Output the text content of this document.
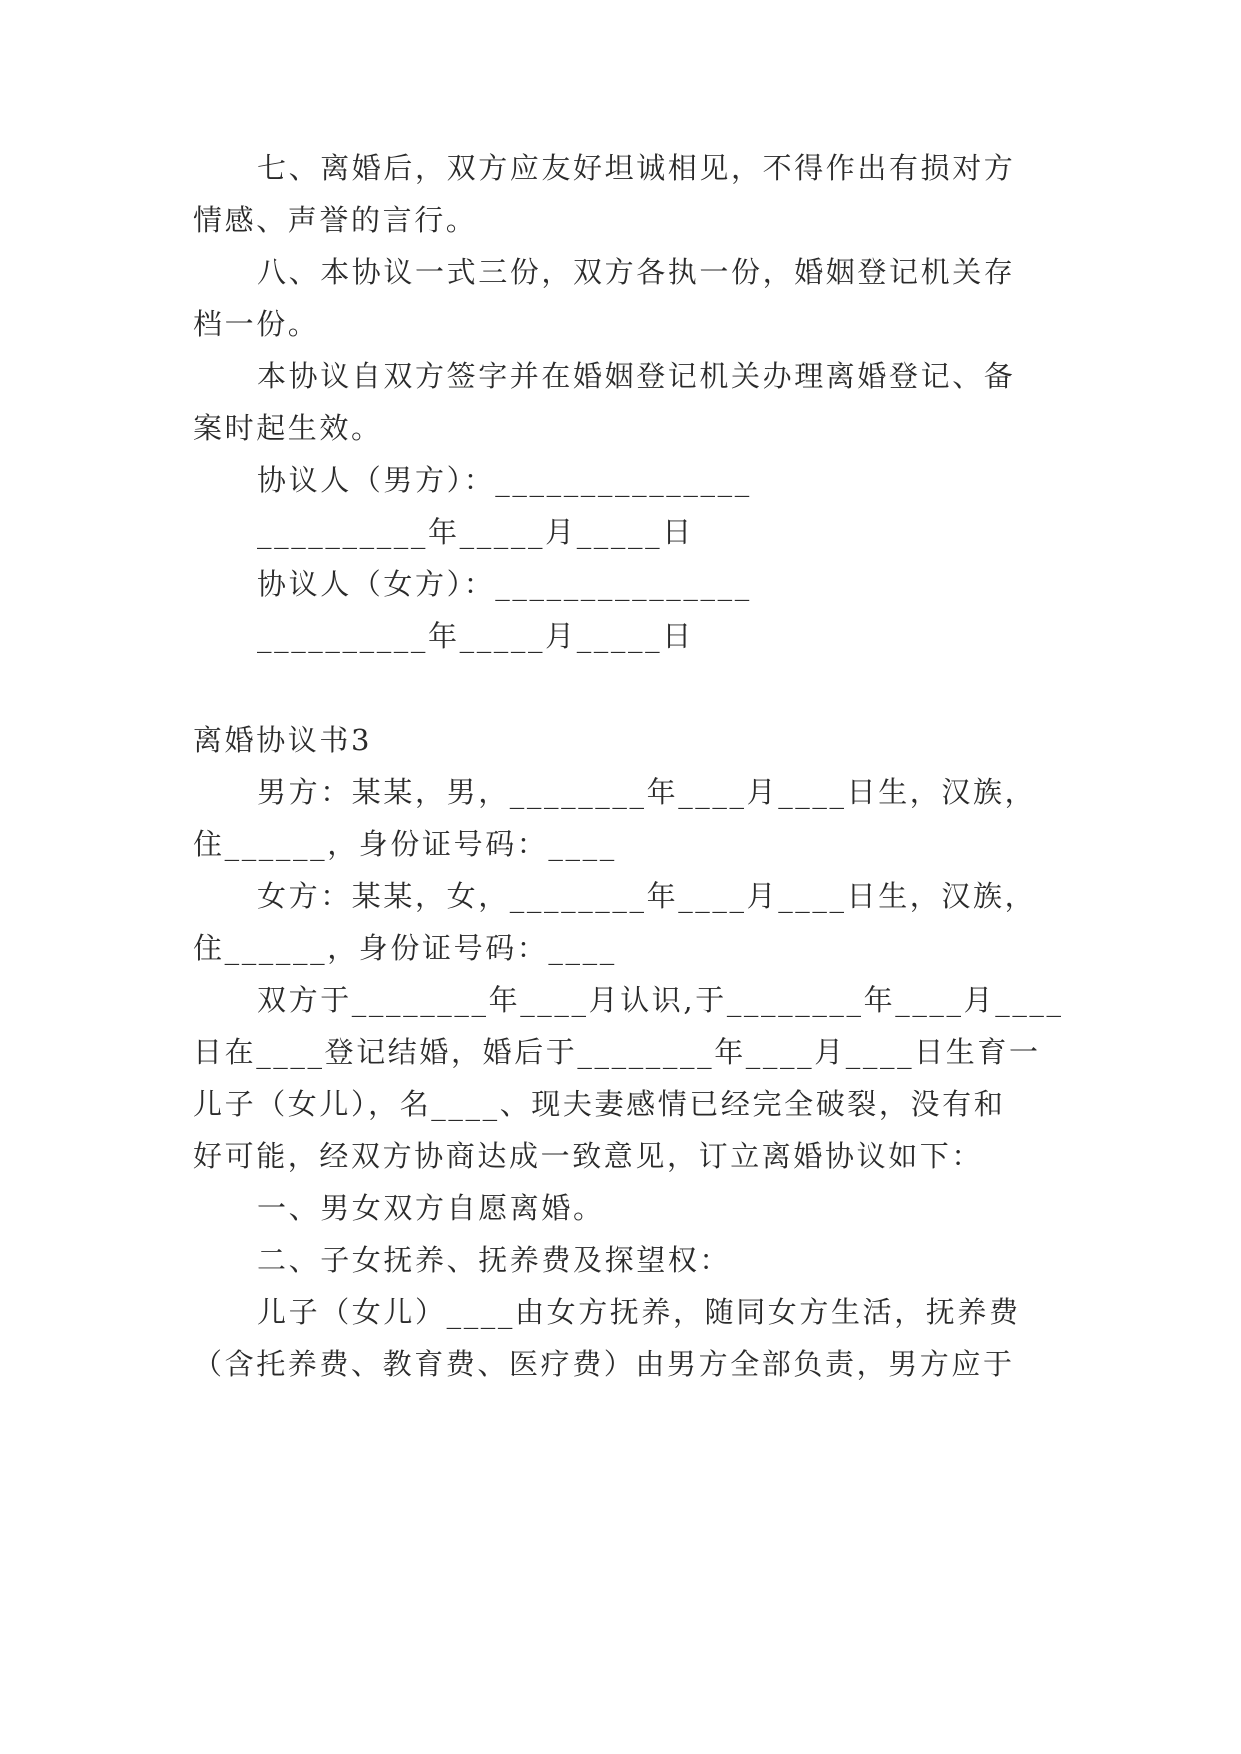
七、离婚后，双方应友好坦诚相见，不得作出有损对方
情感、声誉的言行。
八、本协议一式三份，双方各执一份，婚姻登记机关存
档一份。
本协议自双方签字并在婚姻登记机关办理离婚登记、备
案时起生效。
协议人（男方）：_______________
__________年_____月_____日
协议人（女方）：_______________
__________年_____月_____日
离婚协议书3
男方：某某，男，________年____月____日生，汉族，
住______，身份证号码：____
女方：某某，女，________年____月____日生，汉族，
住______，身份证号码：____
双方于________年____月认识,于________年____月____
日在____登记结婚，婚后于________年____月____日生育一
儿子（女儿），名____、现夫妻感情已经完全破裂，没有和
好可能，经双方协商达成一致意见，订立离婚协议如下：
一、男女双方自愿离婚。
二、子女抚养、抚养费及探望权：
儿子（女儿）____由女方抚养，随同女方生活，抚养费
（含托养费、教育费、医疗费）由男方全部负责，男方应于
